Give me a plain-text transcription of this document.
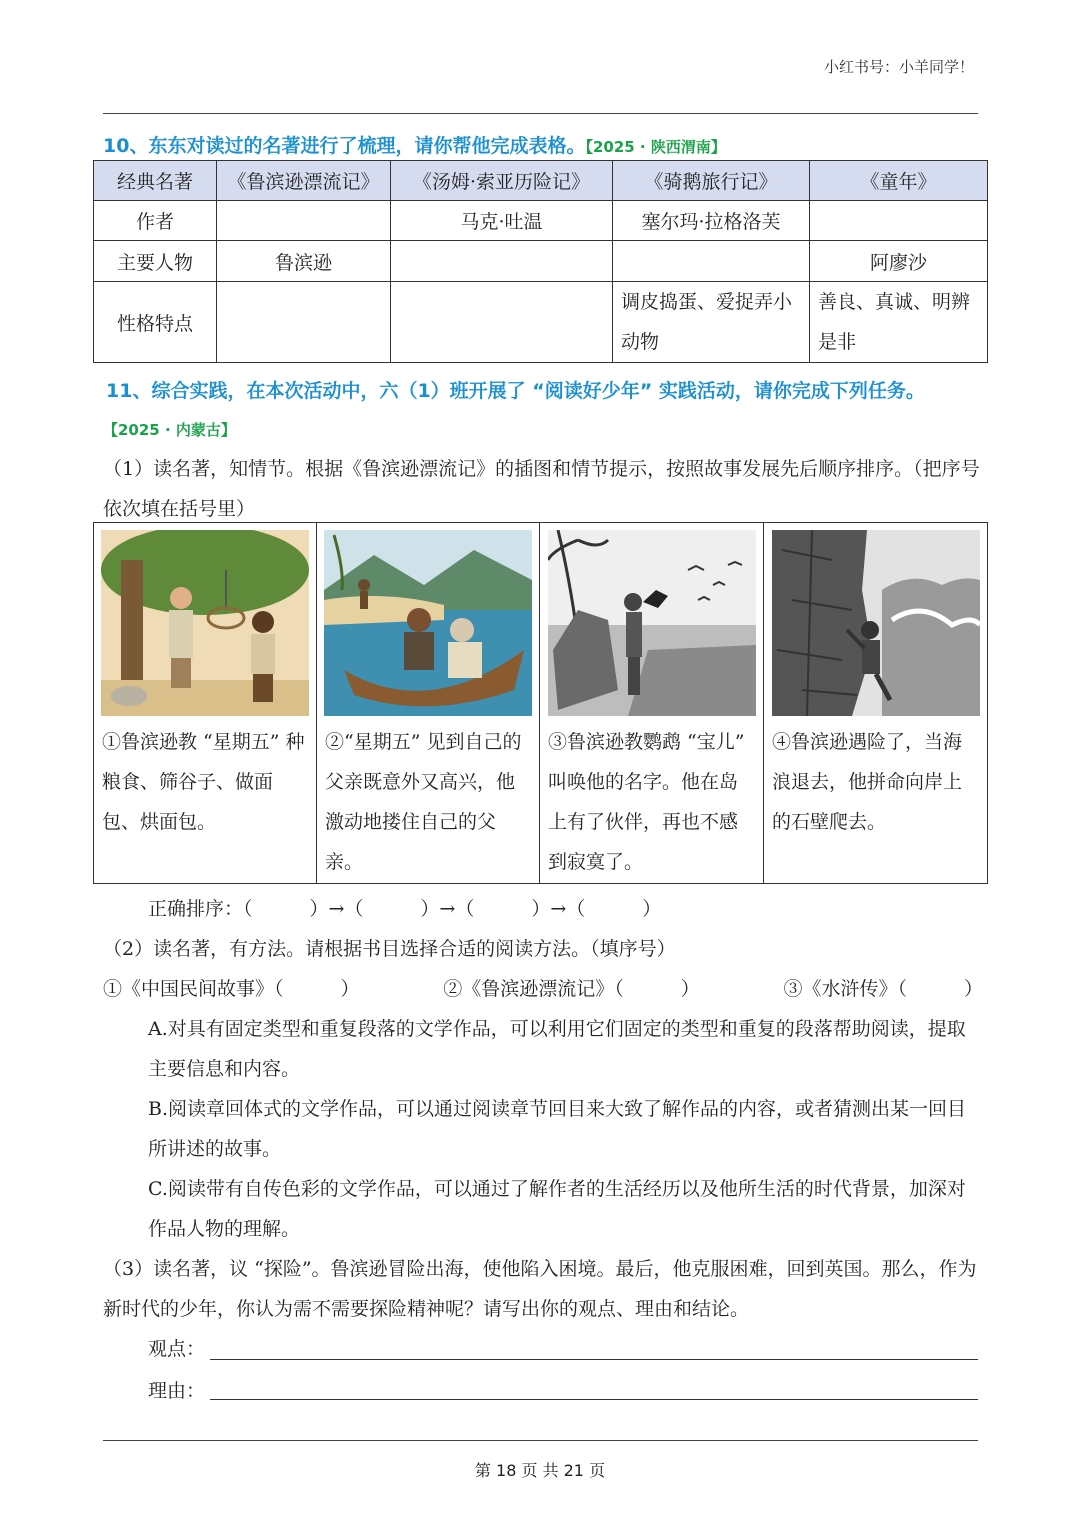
小红书号：小羊同学！
10、东东对读过的名著进行了梳理，请你帮他完成表格。【2025 · 陕西渭南】
经典名著	《鲁滨逊漂流记》	《汤姆·索亚历险记》	《骑鹅旅行记》	《童年》
作者		马克·吐温	塞尔玛·拉格洛芙	
主要人物	鲁滨逊			阿廖沙
性格特点			调皮捣蛋、爱捉弄小动物	善良、真诚、明辨是非
11、综合实践，在本次活动中，六（1）班开展了 “阅读好少年” 实践活动，请你完成下列任务。
【2025 · 内蒙古】
（1）读名著，知情节。根据《鲁滨逊漂流记》的插图和情节提示，按照故事发展先后顺序排序。（把序号依次填在括号里）
①鲁滨逊教 “星期五” 种粮食、筛谷子、做面包、烘面包。

②“星期五” 见到自己的父亲既意外又高兴，他激动地搂住自己的父亲。

③鲁滨逊教鹦鹉 “宝儿” 叫唤他的名字。他在岛上有了伙伴，再也不感到寂寞了。

④鲁滨逊遇险了，当海浪退去，他拼命向岸上的石壁爬去。
正确排序：（　　　）→（　　　）→（　　　）→（　　　）
（2）读名著，有方法。请根据书目选择合适的阅读方法。（填序号）
①《中国民间故事》（　　　）	②《鲁滨逊漂流记》（　　　）	③《水浒传》（　　　）
A.对具有固定类型和重复段落的文学作品，可以利用它们固定的类型和重复的段落帮助阅读，提取主要信息和内容。
B.阅读章回体式的文学作品，可以通过阅读章节回目来大致了解作品的内容，或者猜测出某一回目所讲述的故事。
C.阅读带有自传色彩的文学作品，可以通过了解作者的生活经历以及他所生活的时代背景，加深对作品人物的理解。
（3）读名著，议 “探险”。鲁滨逊冒险出海，使他陷入困境。最后，他克服困难，回到英国。那么，作为新时代的少年，你认为需不需要探险精神呢？请写出你的观点、理由和结论。
观点：
理由：
第 18 页 共 21 页
